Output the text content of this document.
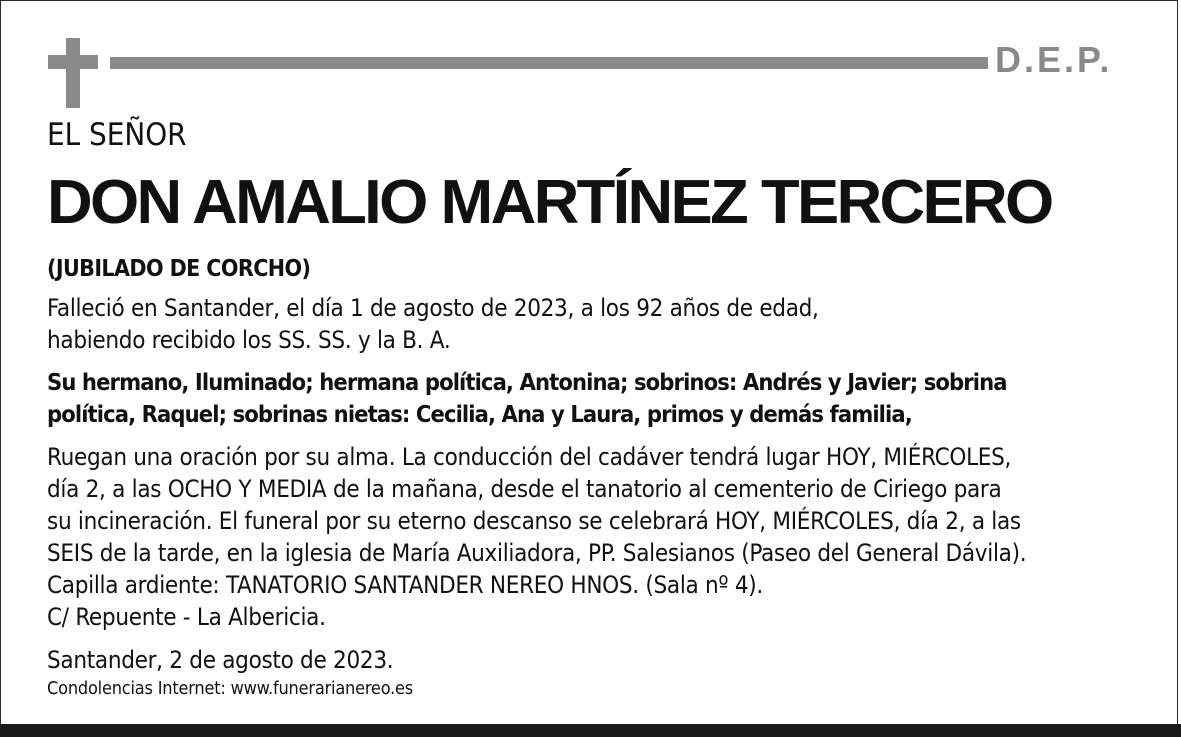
D.E.P.
EL SEÑOR
DON AMALIO MARTÍNEZ TERCERO
(JUBILADO DE CORCHO)
Falleció en Santander, el día 1 de agosto de 2023, a los 92 años de edad,
habiendo recibido los SS. SS. y la B. A.
Su hermano, Iluminado; hermana política, Antonina; sobrinos: Andrés y Javier; sobrina
política, Raquel; sobrinas nietas: Cecilia, Ana y Laura, primos y demás familia,
Ruegan una oración por su alma. La conducción del cadáver tendrá lugar HOY, MIÉRCOLES,
día 2, a las OCHO Y MEDIA de la mañana, desde el tanatorio al cementerio de Ciriego para
su incineración. El funeral por su eterno descanso se celebrará HOY, MIÉRCOLES, día 2, a las
SEIS de la tarde, en la iglesia de María Auxiliadora, PP. Salesianos (Paseo del General Dávila).
Capilla ardiente: TANATORIO SANTANDER NEREO HNOS. (Sala nº 4).
C/ Repuente - La Albericia.
Santander, 2 de agosto de 2023.
Condolencias Internet: www.funerarianereo.es
